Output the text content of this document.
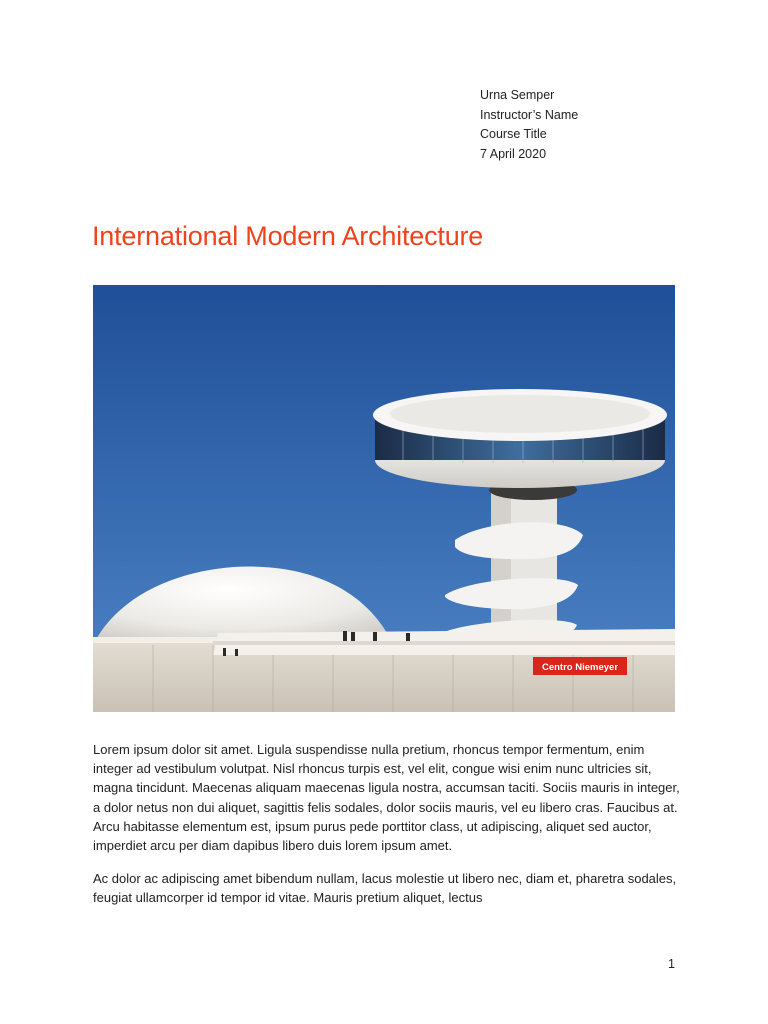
Urna Semper
Instructor’s Name
Course Title
7 April 2020
International Modern Architecture
Centro Niemeyer

Lorem ipsum dolor sit amet. Ligula suspendisse nulla pretium, rhoncus tempor fermentum, enim integer ad vestibulum volutpat. Nisl rhoncus turpis est, vel elit, congue wisi enim nunc ultricies sit, magna tincidunt. Maecenas aliquam maecenas ligula nostra, accumsan taciti. Sociis mauris in integer, a dolor netus non dui aliquet, sagittis felis sodales, dolor sociis mauris, vel eu libero cras. Faucibus at. Arcu habitasse elementum est, ipsum purus pede porttitor class, ut adipiscing, aliquet sed auctor, imperdiet arcu per diam dapibus libero duis lorem ipsum amet.

Ac dolor ac adipiscing amet bibendum nullam, lacus molestie ut libero nec, diam et, pharetra sodales, feugiat ullamcorper id tempor id vitae. Mauris pretium aliquet, lectus

1
